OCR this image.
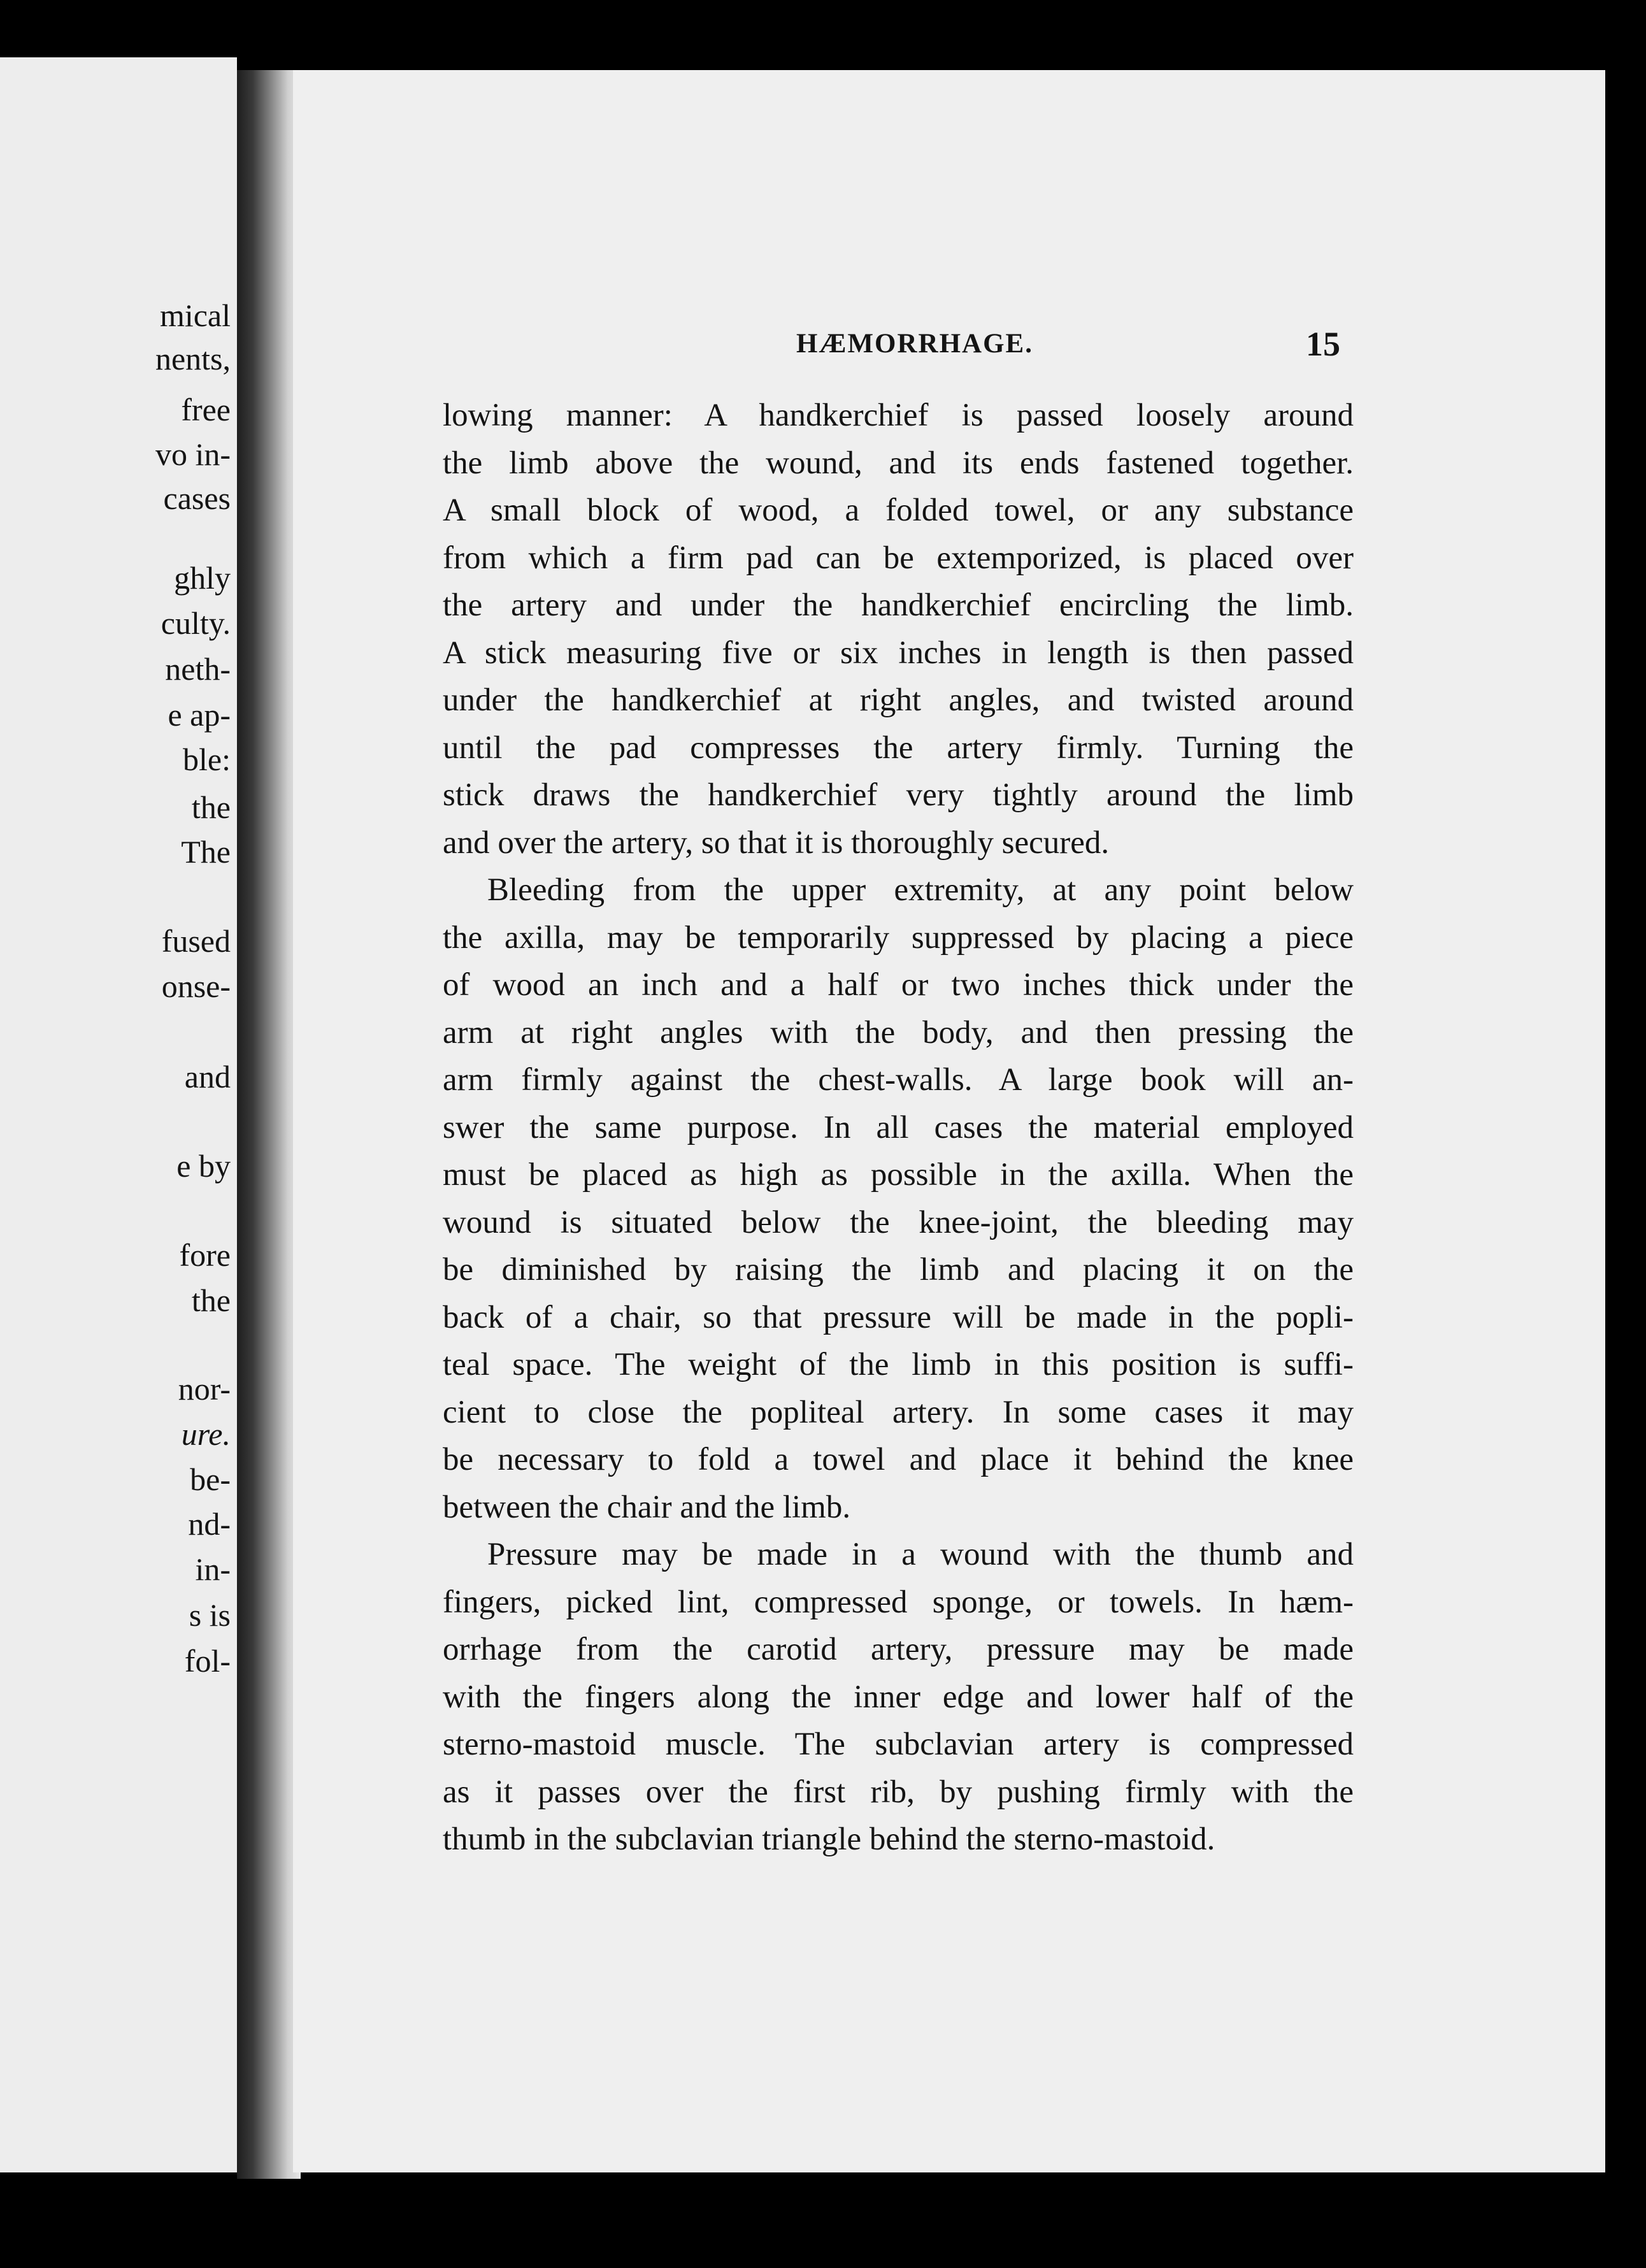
mical
nents,
free
vo in-
cases
ghly
culty.
neth-
e ap-
ble:
the
The
fused
onse-
and
e by
fore
the
nor-
ure.
be-
nd-
in-
s is
fol-
HÆMORRHAGE.	15
lowing manner: A handkerchief is passed loosely around
the limb above the wound, and its ends fastened together.
A small block of wood, a folded towel, or any substance
from which a firm pad can be extemporized, is placed over
the artery and under the handkerchief encircling the limb.
A stick measuring five or six inches in length is then passed
under the handkerchief at right angles, and twisted around
until the pad compresses the artery firmly. Turning the
stick draws the handkerchief very tightly around the limb
and over the artery, so that it is thoroughly secured.
Bleeding from the upper extremity, at any point below
the axilla, may be temporarily suppressed by placing a piece
of wood an inch and a half or two inches thick under the
arm at right angles with the body, and then pressing the
arm firmly against the chest-walls. A large book will an-
swer the same purpose. In all cases the material employed
must be placed as high as possible in the axilla. When the
wound is situated below the knee-joint, the bleeding may
be diminished by raising the limb and placing it on the
back of a chair, so that pressure will be made in the popli-
teal space. The weight of the limb in this position is suffi-
cient to close the popliteal artery. In some cases it may
be necessary to fold a towel and place it behind the knee
between the chair and the limb.
Pressure may be made in a wound with the thumb and
fingers, picked lint, compressed sponge, or towels. In hæm-
orrhage from the carotid artery, pressure may be made
with the fingers along the inner edge and lower half of the
sterno-mastoid muscle. The subclavian artery is compressed
as it passes over the first rib, by pushing firmly with the
thumb in the subclavian triangle behind the sterno-mastoid.
